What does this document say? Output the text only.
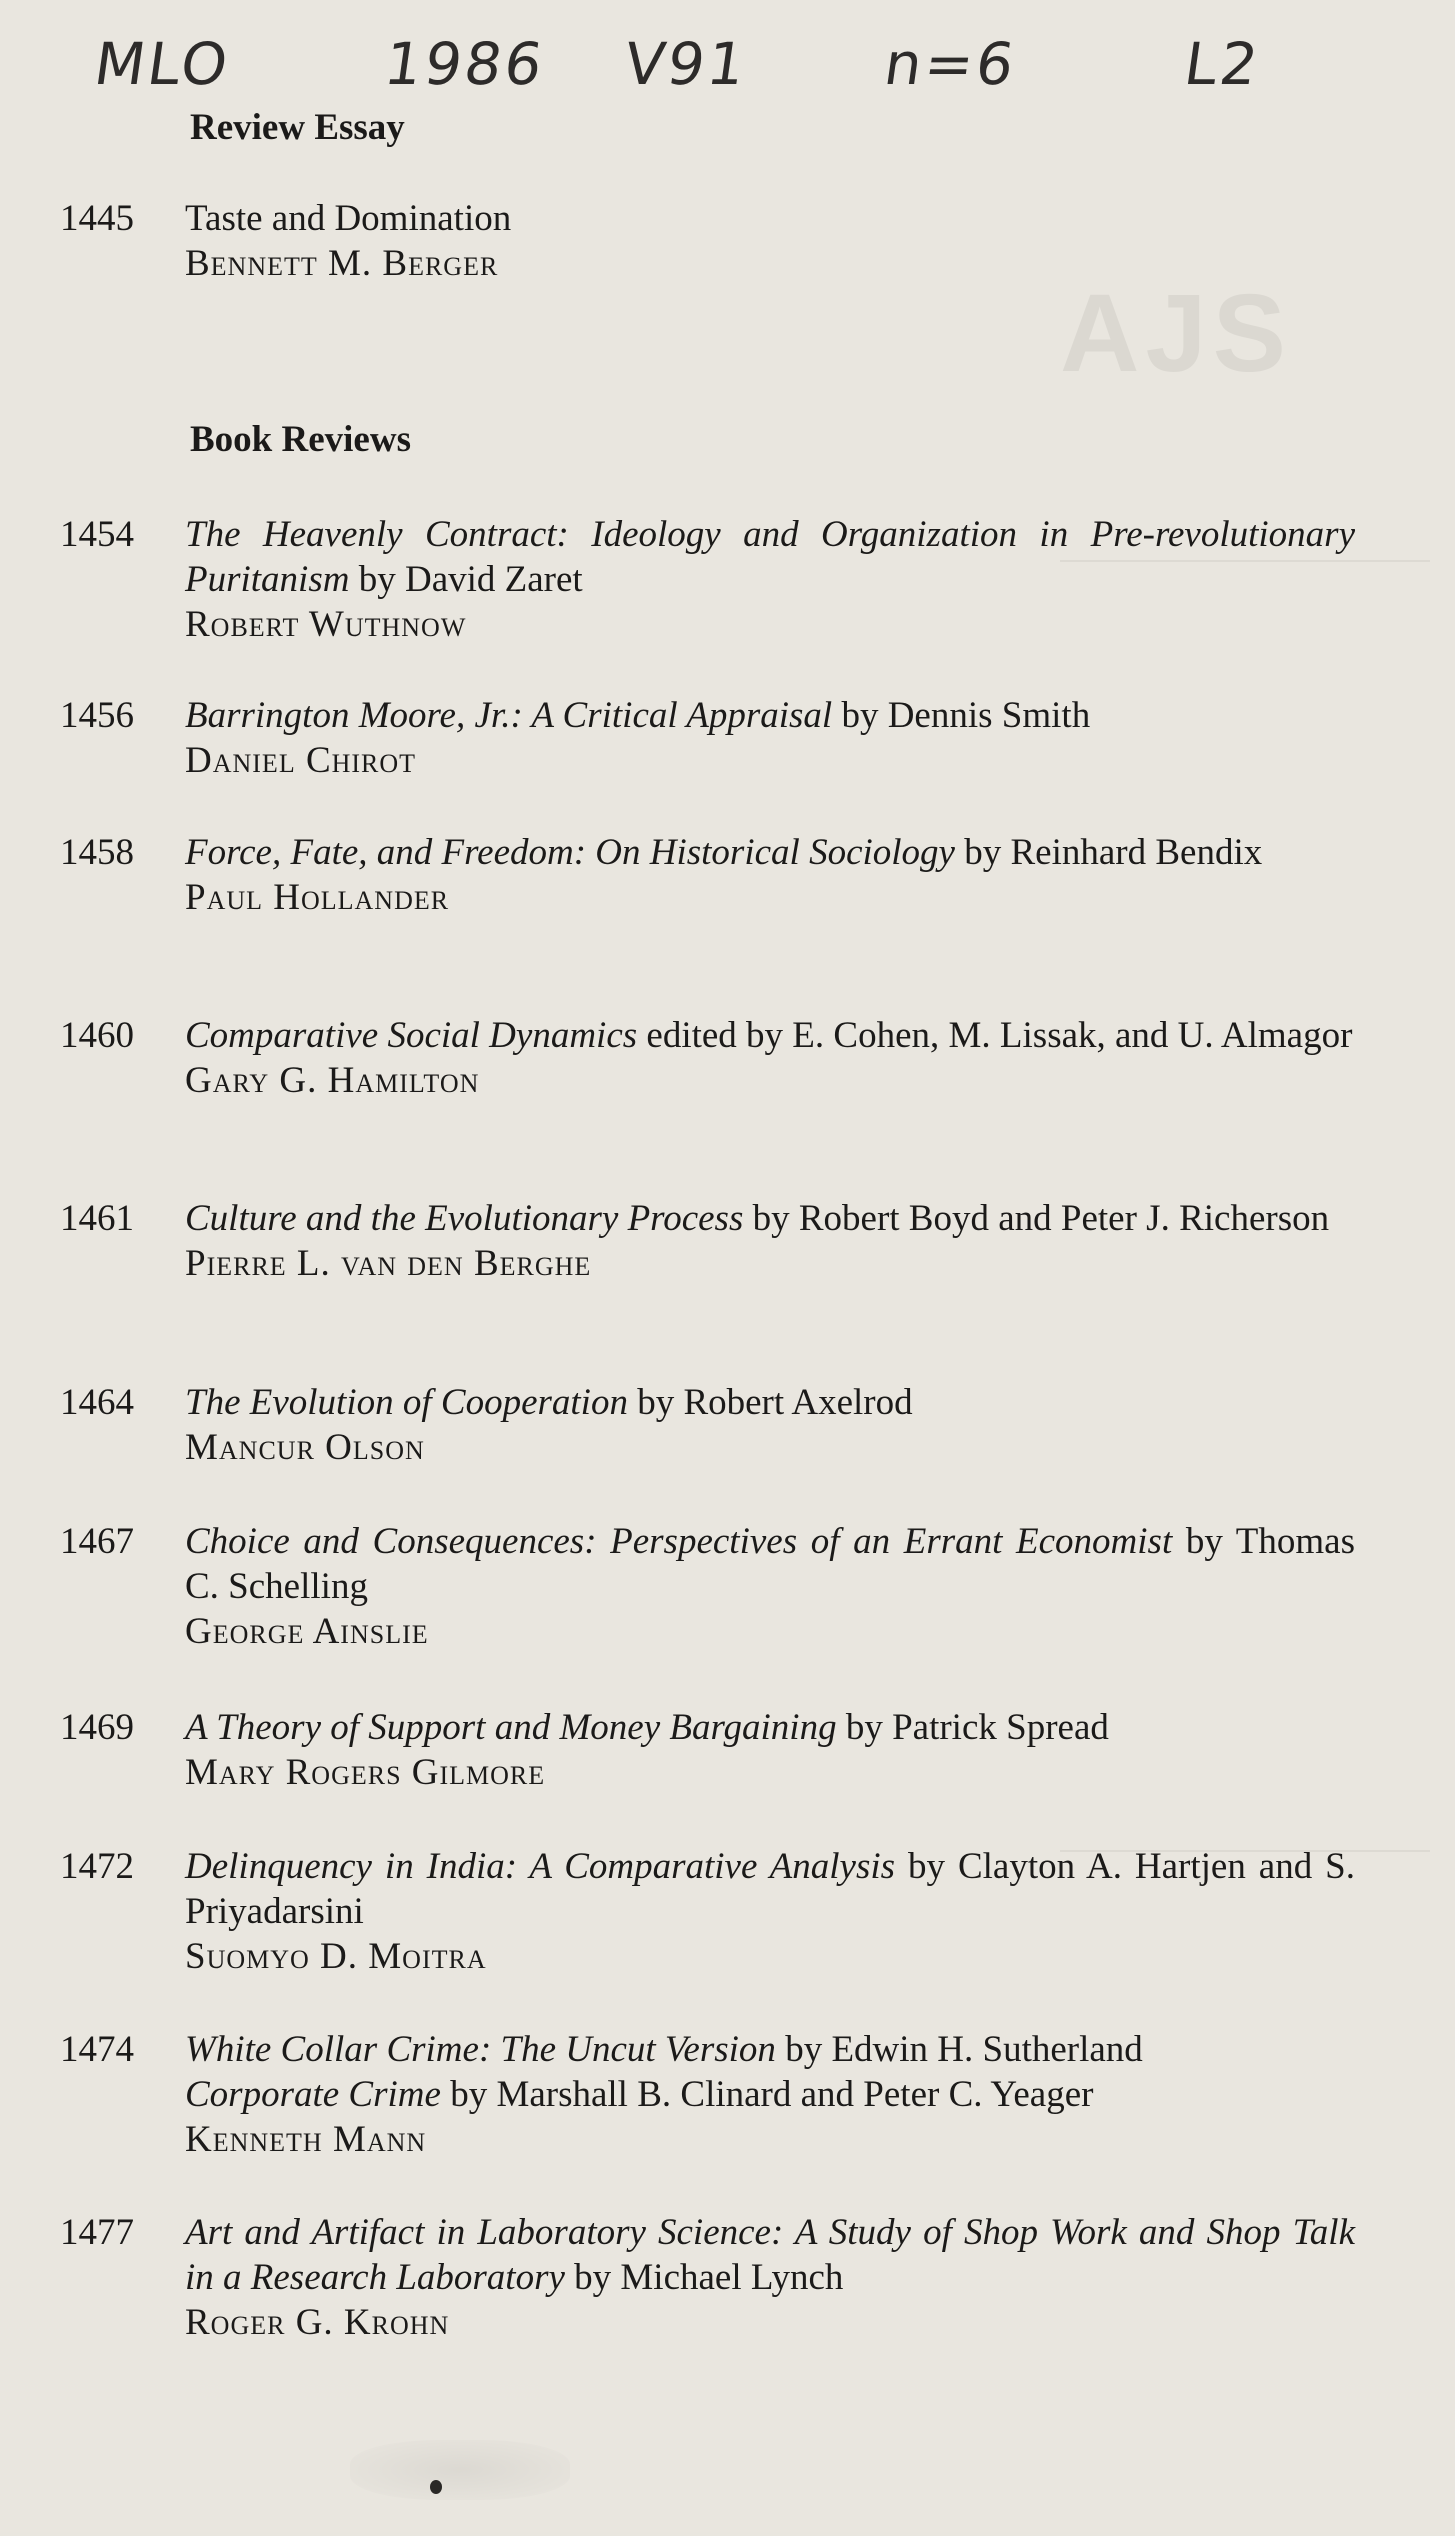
AJS
MLO	1986 V91 n=6	L2
Review Essay
1445	Taste and Domination
Bennett M. Berger
Book Reviews
1454	The Heavenly Contract: Ideology and Organization in Pre-revolutionary Puritanism by David Zaret
Robert Wuthnow
1456	Barrington Moore, Jr.: A Critical Appraisal by Dennis Smith
Daniel Chirot
1458	Force, Fate, and Freedom: On Historical Sociology by Reinhard Bendix
Paul Hollander
1460	Comparative Social Dynamics edited by E. Cohen, M. Lissak, and U. Almagor
Gary G. Hamilton
1461	Culture and the Evolutionary Process by Robert Boyd and Peter J. Richerson
Pierre L. van den Berghe
1464	The Evolution of Cooperation by Robert Axelrod
Mancur Olson
1467	Choice and Consequences: Perspectives of an Errant Economist by Thomas C. Schelling
George Ainslie
1469	A Theory of Support and Money Bargaining by Patrick Spread
Mary Rogers Gilmore
1472	Delinquency in India: A Comparative Analysis by Clayton A. Hartjen and S. Priyadarsini
Suomyo D. Moitra
1474	White Collar Crime: The Uncut Version by Edwin H. Sutherland
Corporate Crime by Marshall B. Clinard and Peter C. Yeager
Kenneth Mann
1477	Art and Artifact in Laboratory Science: A Study of Shop Work and Shop Talk in a Research Laboratory by Michael Lynch
Roger G. Krohn
